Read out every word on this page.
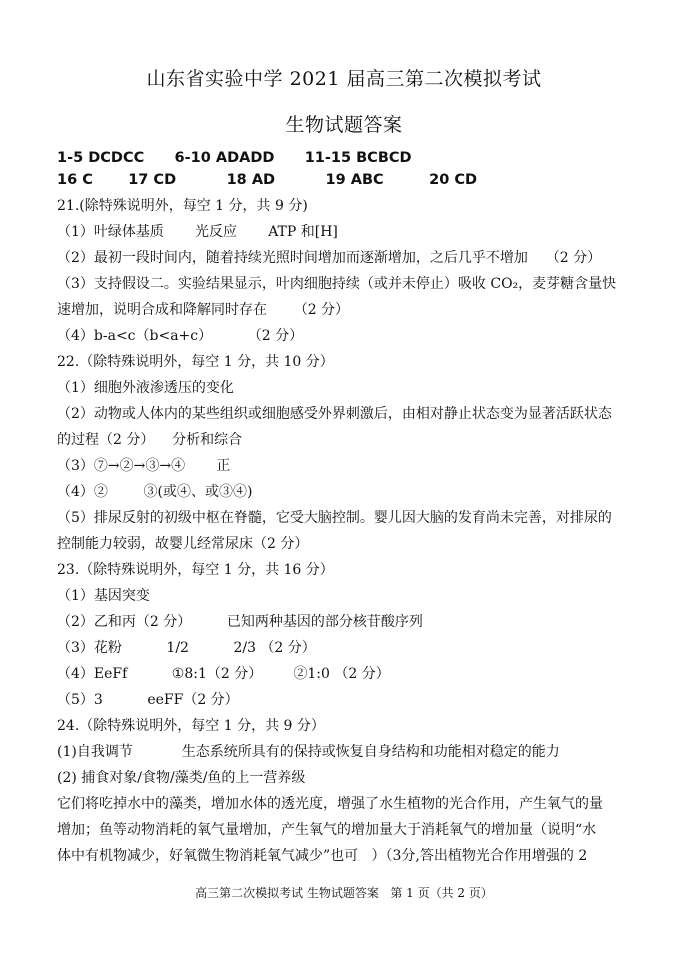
山东省实验中学 2021 届高三第二次模拟考试
生物试题答案
1-5 DCDCC      6-10 ADADD      11-15 BCBCD
16 C       17 CD          18 AD          19 ABC         20 CD
21.(除特殊说明外，每空 1 分，共 9 分)
（1）叶绿体基质       光反应       ATP 和[H]
（2）最初一段时间内，随着持续光照时间增加而逐渐增加，之后几乎不增加    （2 分）
（3）支持假设二。实验结果显示，叶肉细胞持续（或并未停止）吸收 CO₂，麦芽糖含量快
速增加，说明合成和降解同时存在      （2 分）
（4）b-a<c（b<a+c）        （2 分）
22.（除特殊说明外，每空 1 分，共 10 分）
（1）细胞外液渗透压的变化
（2）动物或人体内的某些组织或细胞感受外界刺激后，由相对静止状态变为显著活跃状态
的过程（2 分）    分析和综合
（3）⑦→②→③→④       正
（4）②        ③(或④、或③④)
（5）排尿反射的初级中枢在脊髓，它受大脑控制。婴儿因大脑的发育尚未完善，对排尿的
控制能力较弱，故婴儿经常尿床（2 分）
23.（除特殊说明外，每空 1 分，共 16 分）
（1）基因突变
（2）乙和丙（2 分）        已知两种基因的部分核苷酸序列
（3）花粉          1/2          2/3 （2 分）
（4）EeFf          ①8:1（2 分）       ②1:0 （2 分）
（5）3          eeFF（2 分）
24.（除特殊说明外，每空 1 分，共 9 分）
(1)自我调节           生态系统所具有的保持或恢复自身结构和功能相对稳定的能力
(2) 捕食对象/食物/藻类/鱼的上一营养级
它们将吃掉水中的藻类，增加水体的透光度，增强了水生植物的光合作用，产生氧气的量
增加；鱼等动物消耗的氧气量增加，产生氧气的增加量大于消耗氧气的增加量（说明“水
体中有机物减少，好氧微生物消耗氧气减少”也可   ）（3分,答出植物光合作用增强的 2
高三第二次模拟考试 生物试题答案   第 1 页（共 2 页）
